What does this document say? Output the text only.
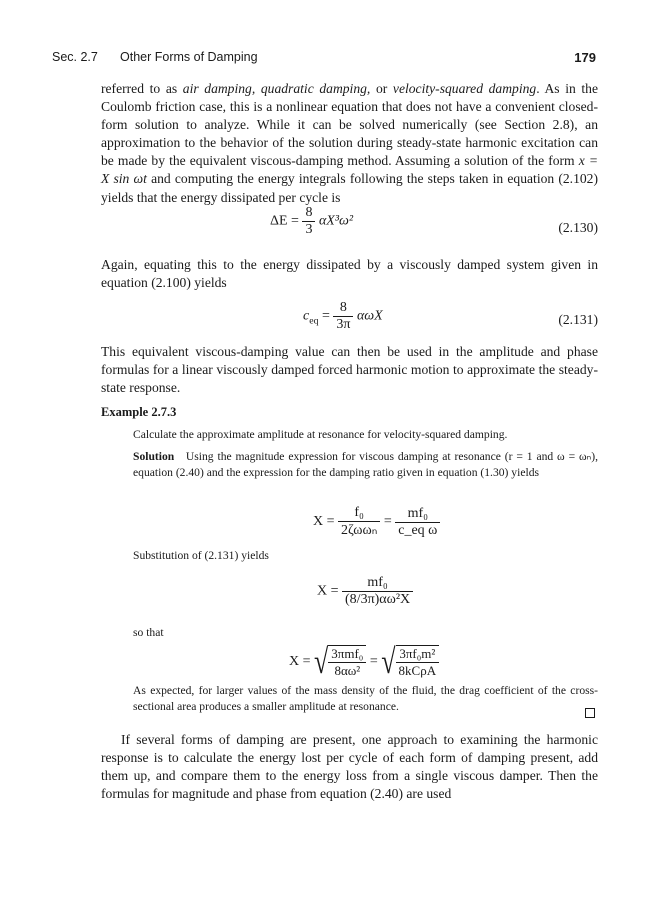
Sec. 2.7 Other Forms of Damping	179

referred to as air damping, quadratic damping, or velocity-squared damping. As in the Coulomb friction case, this is a nonlinear equation that does not have a convenient closed-form solution to analyze. While it can be solved numerically (see Section 2.8), an approximation to the behavior of the solution during steady-state harmonic excitation can be made by the equivalent viscous-damping method. Assuming a solution of the form x = X sin ωt and computing the energy integrals following the steps taken in equation (2.102) yields that the energy dissipated per cycle is

$\Delta E = \frac{8}{3} \alpha X^3\omega^2$	(2.130)

Again, equating this to the energy dissipated by a viscously damped system given in equation (2.100) yields

$c_{eq} = \frac{8}{3\pi}$ αωX	(2.131)

This equivalent viscous-damping value can then be used in the amplitude and phase formulas for a linear viscously damped forced harmonic motion to approximate the steady-state response.

Example 2.7.3

Calculate the approximate amplitude at resonance for velocity-squared damping.

Solution Using the magnitude expression for viscous damping at resonance (r = 1 and ω = ωₙ), equation (2.40) and the expression for the damping ratio given in equation (1.30) yields

$X = \frac{\text{f₀}}{\text{2ζωωₙ}} = \frac{\text{mf₀}}{\text{c\_eq ω}}$

Substitution of (2.131) yields

$X = \frac{\text{mf₀}}{\text{(8/3π)αω²X}}$

so that

X = √ $\frac{\text{3πmf₀}}{\text{8αω²}}$ = √ $\frac{\text{3πf₀m²}}{\text{8kCρA}}$

As expected, for larger values of the mass density of the fluid, the drag coefficient of the cross-sectional area produces a smaller amplitude at resonance.

If several forms of damping are present, one approach to examining the harmonic response is to calculate the energy lost per cycle of each form of damping present, add them up, and compare them to the energy loss from a single viscous damper. Then the formulas for magnitude and phase from equation (2.40) are used
